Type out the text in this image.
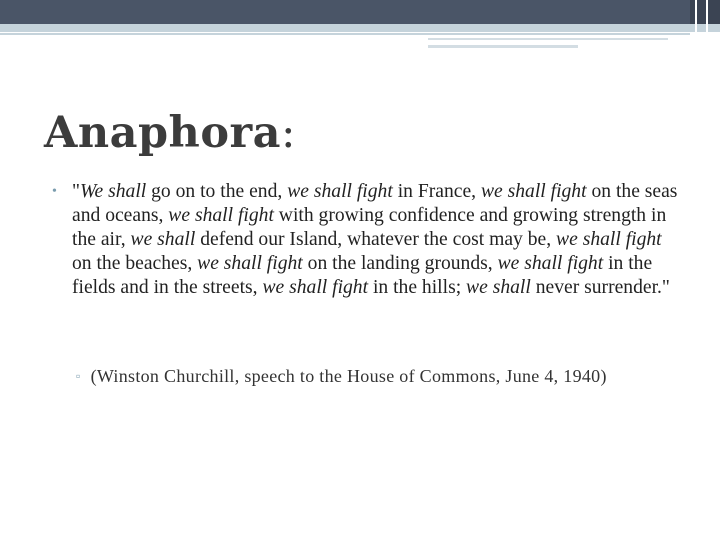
Anaphora:
• "We shall go on to the end, we shall fight in France, we shall fight on the seas and oceans, we shall fight with growing confidence and growing strength in the air, we shall defend our Island, whatever the cost may be, we shall fight on the beaches, we shall fight on the landing grounds, we shall fight in the fields and in the streets, we shall fight in the hills; we shall never surrender."
▫ (Winston Churchill, speech to the House of Commons, June 4, 1940)
